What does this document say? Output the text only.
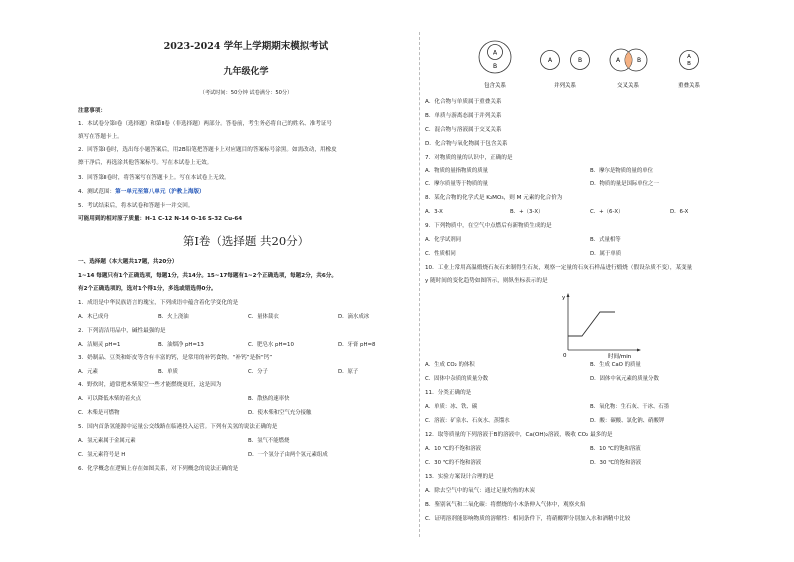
2023-2024 学年上学期期末模拟考试
九年级化学
（考试时间：50分钟 试卷满分：50分）
注意事项：
1．本试卷分第Ⅰ卷（选择题）和第Ⅱ卷（非选择题）两部分。答卷前，考生务必将自己的姓名、准考证号
填写在答题卡上。
2．回答第Ⅰ卷时，选出每小题答案后，用2B铅笔把答题卡上对应题目的答案标号涂黑。如需改动，用橡皮
擦干净后，再选涂其他答案标号。写在本试卷上无效。
3．回答第Ⅱ卷时，将答案写在答题卡上。写在本试卷上无效。
4．测试范围：第一单元至第八单元（沪教上海版）
5．考试结束后，将本试卷和答题卡一并交回。
可能用到的相对原子质量：H-1 C-12 N-14 O-16 S-32 Cu-64
第Ⅰ卷（选择题 共20分）
一、选择题（本大题共17题，共20分）
1~14 每题只有1个正确选项，每题1分，共14分。15~17每题有1~2个正确选项，每题2分，共6分。
有2个正确选项的，选对1个得1分，多选或错选得0分。
1．成语是中华民族语言的瑰宝，下列成语中蕴含着化学变化的是
A．木已成舟	B．火上浇油	C．量体裁衣	D．滴水成冰
2．下列清洁用品中，碱性最强的是
A．洁厕灵 pH=1	B．油烟净 pH=13	C．肥皂水 pH=10	D．牙膏 pH=8
3．奶制品、豆类和虾皮等含有丰富的钙，是常用的补钙食物。“补钙”是指“钙”
A．元素	B．单质	C．分子	D．原子
4．野炊时，通常把木柴架空一些才能燃烧更旺，这是因为
A．可以降低木柴的着火点	B．散热的速率快
C．木柴是可燃物	D．使木柴和空气充分接触
5．国内首条氢能源中运量公交线路在临港投入运营。下列有关氢的说法正确的是
A．氢元素属于金属元素	B．氢气不能燃烧
C．氢元素符号是 H	D．一个氢分子由两个氢元素组成
6．化学概念在逻辑上存在如图关系，对下列概念的说法正确的是
A
B
A	B	A	B	A
B
包含关系	并列关系	交叉关系	重叠关系
A．化合物与单质属于重叠关系
B．单质与游离态属于并列关系
C．混合物与溶液属于交叉关系
D．化合物与氧化物属于包含关系
7．对物质的量的认识中，正确的是
A．物质的量指物质的质量	B．摩尔是物质的量的单位
C．摩尔质量等于物质的量	D．物质的量是国际单位之一
8．某化合物的化学式是 K₂MO₃，则 M 元素的化合价为
A．3-X	B．+（3-X）	C．+（6-X）	D．6-X
9．下列物质中，在空气中点燃后有新物质生成的是
A．化学试剂同	B．式量相等
C．性质相同	D．属于单质
10．工业上常用高温煅烧石灰石来制得生石灰，观察一定量的石灰石样品进行煅烧（假设杂质不变），某变量
y 随时间的变化趋势如图所示，则纵坐标表示的是
y
0	时间/min
A．生成 CO₂ 的体积	B．生成 CaO 的质量
C．固体中杂质的质量分数	D．固体中氧元素的质量分数
11．分类正确的是
A．单质：冰、铁、碳	B．氧化物：生石灰、干冰、石墨
C．溶液：矿泉水、石灰水、蒸馏水	D．酸：碳酸、氯化钠、硝酸钾
12．取等质量的下列溶液于B的溶液中，Ca(OH)₂溶液，吸收 CO₂ 最多的是
A．10 ℃的不饱和溶液	B．10 ℃的饱和溶液
C．30 ℃的不饱和溶液	D．30 ℃的饱和溶液
13．实验方案设计合理的是
A．除去空气中的氧气：通过足量灼热的木炭
B．鉴别氧气和二氧化碳：将燃烧的小木条伸入气体中，观察火焰
C．证明溶剂能影响物质的溶解性：相同条件下，将硝酸钾分别加入水和酒精中比较
